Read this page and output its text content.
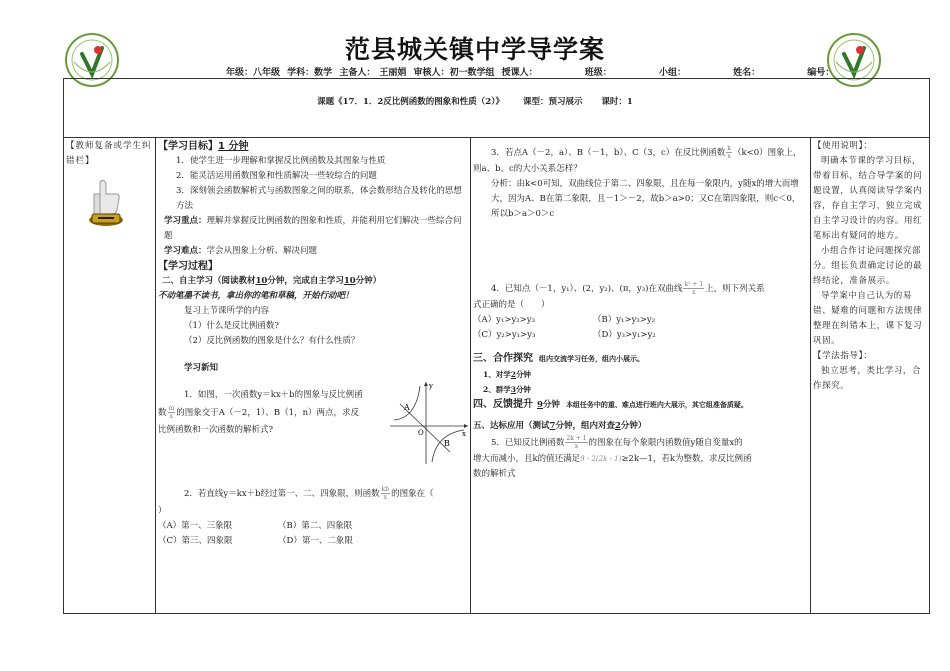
范县城关镇中学导学案
年级：八年级 学科：数学 主备人： 王丽娟 审核人：初一数学组 授课人：	班级：	小组：	姓名：	编号：
课题《17．1．2反比例函数的图象和性质（2）》 课型：预习展示 课时：1

【教师复备或学生纠错栏】

【学习目标】1 分钟

1．使学生进一步理解和掌握反比例函数及其图象与性质

2．能灵活运用函数图象和性质解决一些较综合的问题

3．深刻领会函数解析式与函数图象之间的联系，体会数形结合及转化的思想方法

学习重点：理解并掌握反比例函数的图象和性质，并能利用它们解决一些综合问题

学习难点：学会从图象上分析、解决问题

【学习过程】

二、自主学习（阅读教材10分钟，完成自主学习10分钟）

不动笔墨不读书，拿出你的笔和草稿，开始行动吧！

复习上节课所学的内容

（1）什么是反比例函数?

（2）反比例函数的图象是什么？有什么性质？

学习新知

1．如图，一次函数y＝kx＋b的图象与反比例函

数 $\frac{m}{x}$ 的图象交于A（－2，1）、B（1，n）两点，求反

比例函数和一次函数的解析式?

2．若直线y＝kx＋b经过第一、二、四象限，则函数 $\frac{kb}{x}$ 的图象在（

）

（A）第一、三象限	（B）第二、四象限
（C）第三、四象限	（D）第一、二象限
y
x
A
B
O

3．若点A（－2，a）、B（－1，b）、C（3，c）在反比例函数 $\frac{k}{x} (k<0)$图象上，

则a、b、c的大小关系怎样？

分析：由k<0可知，双曲线位于第二、四象限，且在每一象限内，y随x的增大而增大，因为A、B在第二象限，且－1＞－2，故b＞a>0；又C在第四象限，则c＜0，所以b＞a＞0＞c

4．已知点（－1，y₁）、(2，y₂)、(π，y₃)在双曲线 $\frac{\text{k² + 1}}{x}$ 上，则下列关系

式正确的是（　　）

（A）y₁>y₂>y₃	（B）y₁>y₃>y₂
（C）y₂>y₁>y₃	（D）y₃>y₁>y₂

三、合作探究 组内交流学习任务，组内小展示。

1、对学2分钟

2、群学3分钟

四、反馈提升 9分钟 本组任务中的重、难点进行班内大展示，其它组准备质疑。

五、达标应用（测试7分钟，组内对查2分钟）

5．已知反比例函数 $\frac{2k + 1}{x}$ 的图象在每个象限内函数值y随自变量x的

增大而减小，且k的值还满足9 - 2(2k - 1)≥2k—1，若k为整数，求反比例函

数的解析式

【使用说明】：

明确本节课的学习目标，带着目标，结合导学案的问题设置，认真阅读导学案内容，存自主学习，独立完成自主学习设计的内容。用红笔标出有疑问的地方。

小组合作讨论问题探究部分。组长负责确定讨论的最终结论，准备展示。

导学案中自己认为的易错、疑难的问题和方法规律整理在纠错本上，课下复习巩固。

【学法指导】：

独立思考，类比学习，合作探究。
